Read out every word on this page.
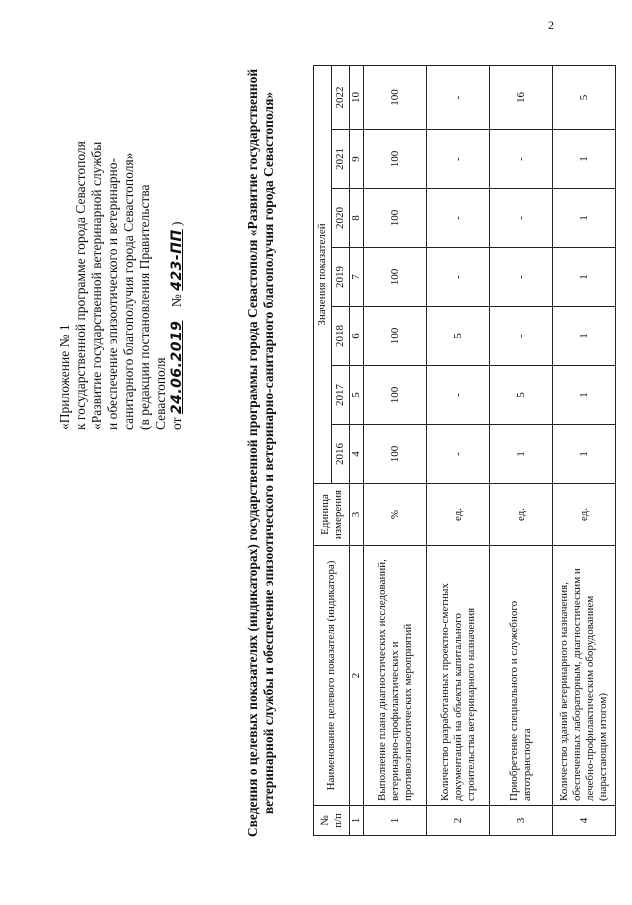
2
«Приложение № 1 к государственной программе города Севастополя «Развитие государственной ветеринарной службы и обеспечение эпизоотического и ветеринарно- санитарного благополучия города Севастополя» (в редакции постановления Правительства Севастополя от 24.06.2019    № 423-ПП )	Сведения о целевых показателях (индикаторах) государственной программы города Севастополя «Развитие государственной ветеринарной службы и обеспечение эпизоотического и ветеринарно-санитарного благополучия города Севастополя»
№ п/п	Наименование целевого показателя (индикатора)	Единица измерения	Значения показателей						
			2016	2017	2018	2019	2020	2021	2022
1	2	3	4	5	6	7	8	9	10
1	Выполнение плана диагностических исследований, ветеринарно-профилактических и противоэпизоотических мероприятий	%	100	100	100	100	100	100	100
2	Количество разработанных проектно-сметных документаций на объекты капитального строительства ветеринарного назначения	ед.	-	-	5	-	-	-	-
3	Приобретение специального и служебного автотранспорта	ед.	1	5	-	-	-	-	16
4	Количество зданий ветеринарного назначения, обеспеченных лабораторным, диагностическим и лечебно-профилактическим оборудованием (нарастающим итогом)	ед.	1	1	1	1	1	1	5
